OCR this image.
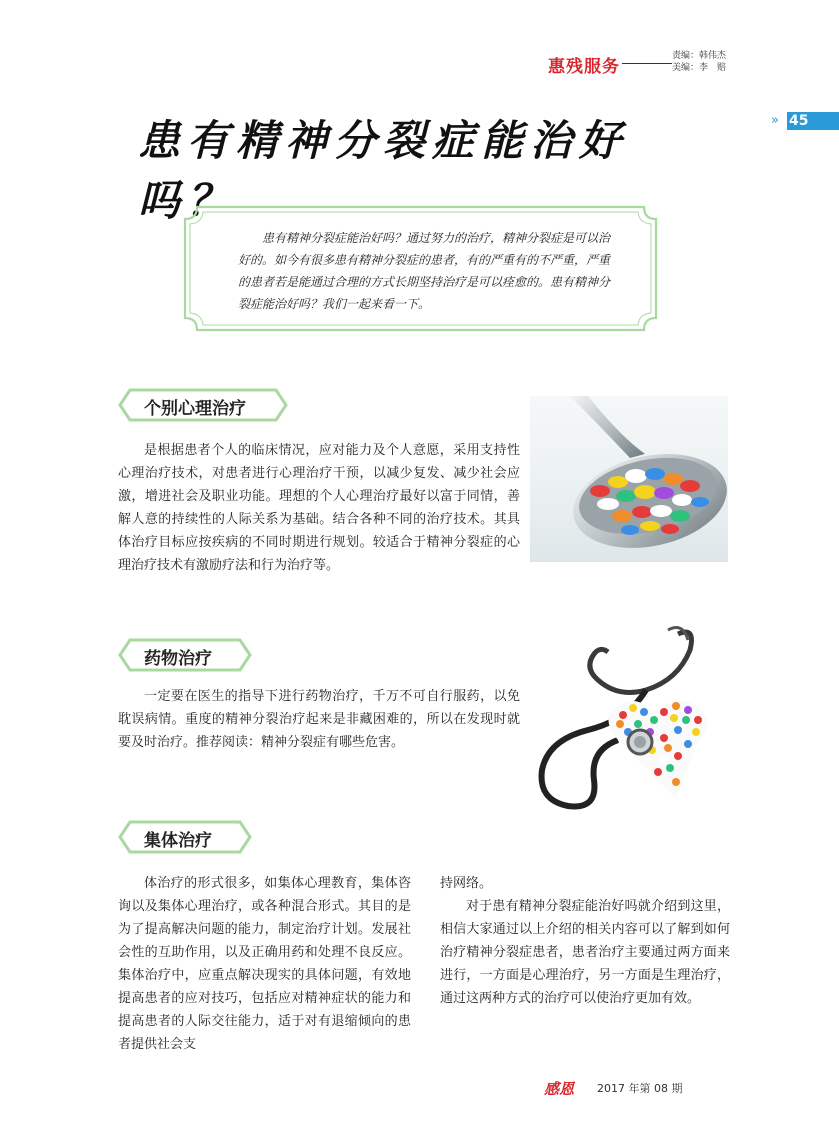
惠残服务
责编：韩伟杰
美编：李　赔
» 45
患有精神分裂症能治好吗？
患有精神分裂症能治好吗？通过努力的治疗，精神分裂症是可以治好的。如今有很多患有精神分裂症的患者，有的严重有的不严重，严重的患者若是能通过合理的方式长期坚持治疗是可以痊愈的。患有精神分裂症能治好吗？我们一起来看一下。
个别心理治疗
是根据患者个人的临床情况，应对能力及个人意愿，采用支持性心理治疗技术，对患者进行心理治疗干预，以减少复发、减少社会应激，增进社会及职业功能。理想的个人心理治疗最好以富于同情，善解人意的持续性的人际关系为基础。结合各种不同的治疗技术。其具体治疗目标应按疾病的不同时期进行规划。较适合于精神分裂症的心理治疗技术有激励疗法和行为治疗等。
药物治疗
一定要在医生的指导下进行药物治疗，千万不可自行服药，以免耽误病情。重度的精神分裂治疗起来是非藏困难的，所以在发现时就要及时治疗。推荐阅读：精神分裂症有哪些危害。
集体治疗
体治疗的形式很多，如集体心理教育，集体咨询以及集体心理治疗，或各种混合形式。其目的是为了提高解决问题的能力，制定治疗计划。发展社会性的互助作用，以及正确用药和处理不良反应。集体治疗中，应重点解决现实的具体问题，有效地提高患者的应对技巧，包括应对精神症状的能力和提高患者的人际交往能力，适于对有退缩倾向的患者提供社会支
持网络。
对于患有精神分裂症能治好吗就介绍到这里，相信大家通过以上介绍的相关内容可以了解到如何治疗精神分裂症患者，患者治疗主要通过两方面来进行，一方面是心理治疗，另一方面是生理治疗，通过这两种方式的治疗可以使治疗更加有效。
感恩 2017 年第 08 期
